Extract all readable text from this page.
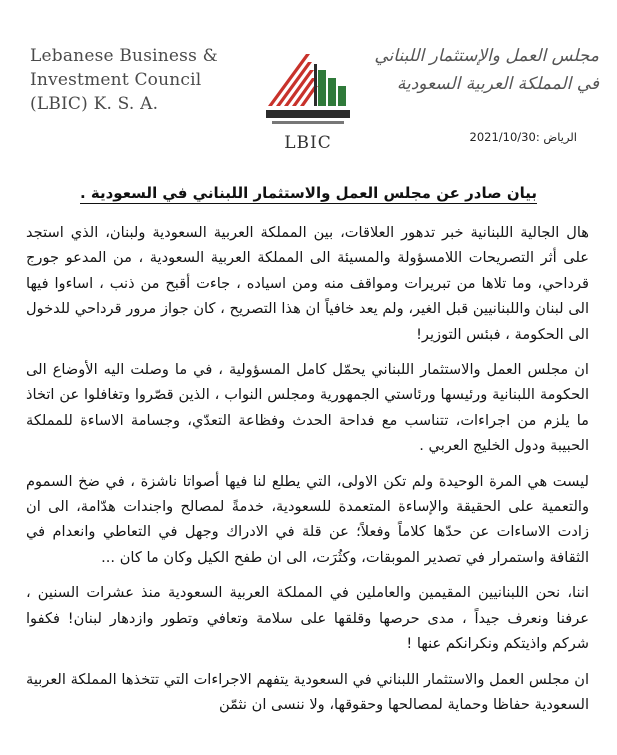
Lebanese Business &
Investment Council
(LBIC) K. S. A.
LBIC
مجلس العمل والإستثمار اللبناني
في المملكة العربية السعودية
الرياض :2021/10/30
بيان صادر عن مجلس العمل والاستثمار اللبناني في السعودية .

هال الجالية اللبنانية خبر تدهور العلاقات، بين المملكة العربية السعودية ولبنان، الذي استجد على أثر التصريحات اللامسؤولة والمسيئة الى المملكة العربية السعودية ، من المدعو جورج قرداحي، وما تلاها من تبريرات ومواقف منه ومن اسياده ، جاءت أقبح من ذنب ، اساءوا فيها الى لبنان واللبنانيين قبل الغير، ولم يعد خافياً ان هذا التصريح ، كان جواز مرور قرداحي للدخول الى الحكومة ، فبئس التوزير!

ان مجلس العمل والاستثمار اللبناني يحمّل كامل المسؤولية ، في ما وصلت اليه الأوضاع الى الحكومة اللبنانية ورئيسها ورئاستي الجمهورية ومجلس النواب ، الذين قصّروا وتغافلوا عن اتخاذ ما يلزم من اجراءات، تتناسب مع فداحة الحدث وفظاعة التعدّي، وجسامة الاساءة للمملكة الحبيبة ودول الخليج العربي .

ليست هي المرة الوحيدة ولم تكن الاولى، التي يطلع لنا فيها أصواتا ناشزة ، في ضخ السموم والتعمية على الحقيقة والإساءة المتعمدة للسعودية، خدمةً لمصالح واجندات هدّامة، الى ان زادت الاساءات عن حدّها كلاماً وفعلاً؛ عن قلة في الادراك وجهل في التعاطي وانعدام في الثقافة واستمرار في تصدير الموبقات، وكثُرَت، الى ان طفح الكيل وكان ما كان ...

اننا، نحن اللبنانيين المقيمين والعاملين في المملكة العربية السعودية منذ عشرات السنين ، عرفنا ونعرف جيداً ، مدى حرصها وقلقها على سلامة وتعافي وتطور وازدهار لبنان! فكفوا شركم واذيتكم ونكرانكم عنها !

ان مجلس العمل والاستثمار اللبناني في السعودية يتفهم الاجراءات التي تتخذها المملكة العربية السعودية حفاظا وحماية لمصالحها وحقوقها، ولا ننسى ان نثمّن
